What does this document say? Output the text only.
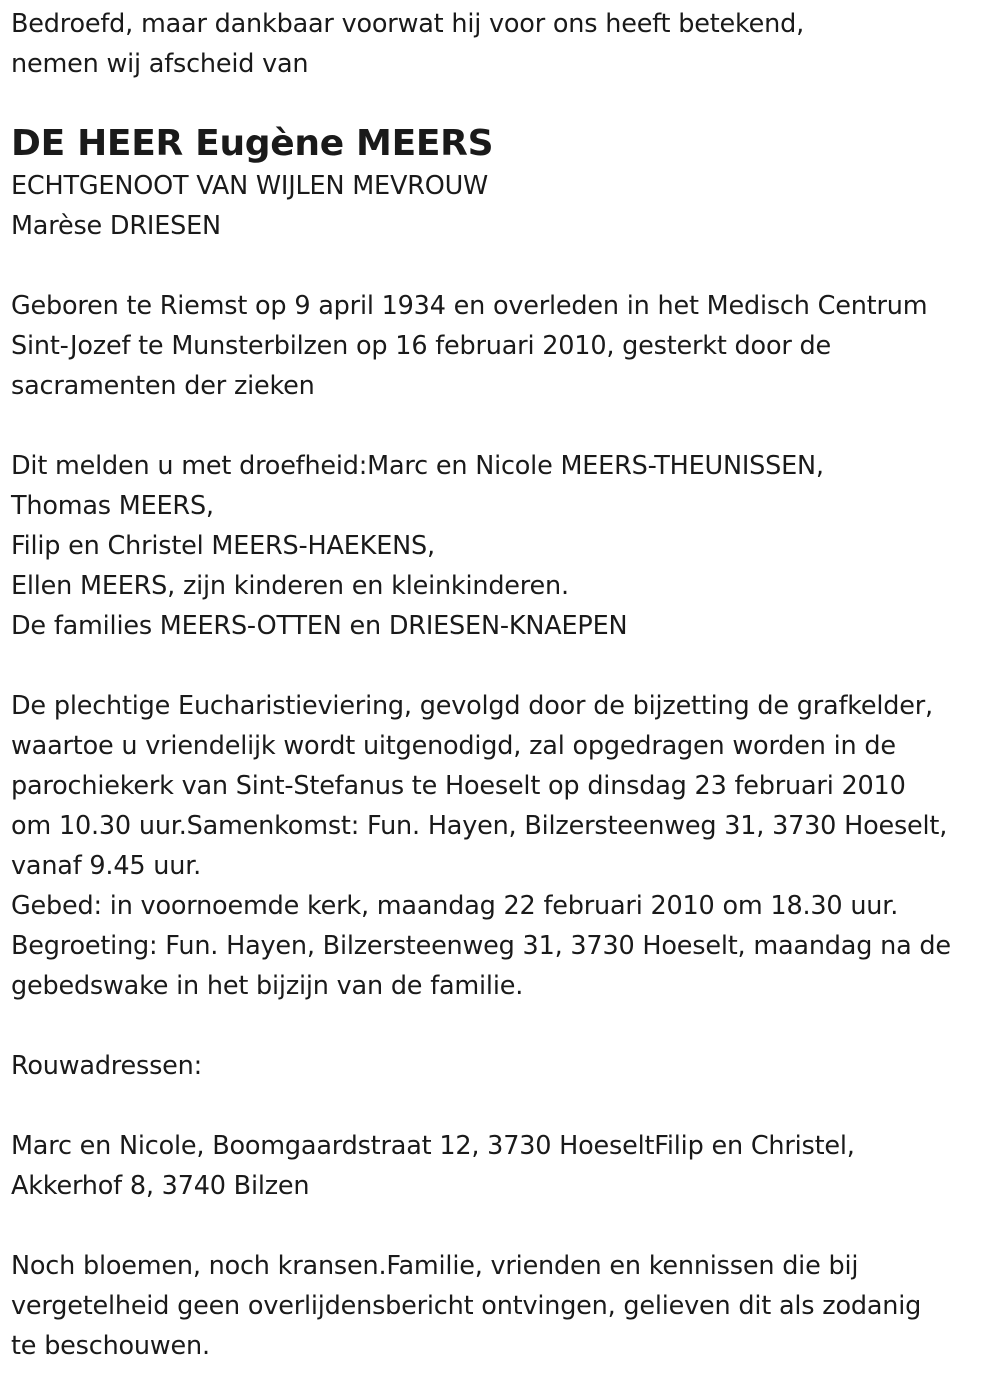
Bedroefd, maar dankbaar voorwat hij voor ons heeft betekend,
nemen wij afscheid van
DE HEER Eugène MEERS
ECHTGENOOT VAN WIJLEN MEVROUW
Marèse DRIESEN
Geboren te Riemst op 9 april 1934 en overleden in het Medisch Centrum
Sint-Jozef te Munsterbilzen op 16 februari 2010, gesterkt door de
sacramenten der zieken
Dit melden u met droefheid:Marc en Nicole MEERS-THEUNISSEN,
Thomas MEERS,
Filip en Christel MEERS-HAEKENS,
Ellen MEERS, zijn kinderen en kleinkinderen.
De families MEERS-OTTEN en DRIESEN-KNAEPEN
De plechtige Eucharistieviering, gevolgd door de bijzetting de grafkelder,
waartoe u vriendelijk wordt uitgenodigd, zal opgedragen worden in de
parochiekerk van Sint-Stefanus te Hoeselt op dinsdag 23 februari 2010
om 10.30 uur.Samenkomst: Fun. Hayen, Bilzersteenweg 31, 3730 Hoeselt,
vanaf 9.45 uur.
Gebed: in voornoemde kerk, maandag 22 februari 2010 om 18.30 uur.
Begroeting: Fun. Hayen, Bilzersteenweg 31, 3730 Hoeselt, maandag na de
gebedswake in het bijzijn van de familie.
Rouwadressen:
Marc en Nicole, Boomgaardstraat 12, 3730 HoeseltFilip en Christel,
Akkerhof 8, 3740 Bilzen
Noch bloemen, noch kransen.Familie, vrienden en kennissen die bij
vergetelheid geen overlijdensbericht ontvingen, gelieven dit als zodanig
te beschouwen.
